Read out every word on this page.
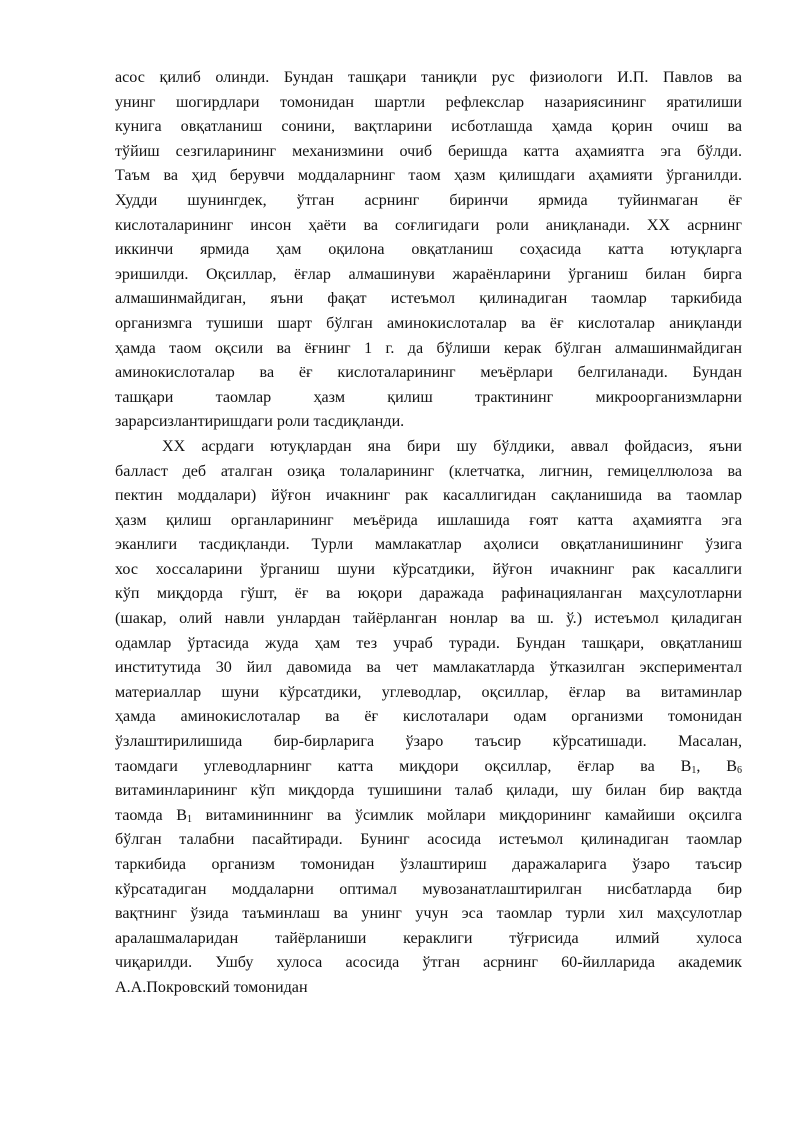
асос қилиб олинди. Бундан ташқари таниқли рус физиологи И.П. Павлов ва
унинг шогирдлари томонидан шартли рефлекслар назариясининг яратилиши
кунига овқатланиш сонини, вақтларини исботлашда ҳамда қорин очиш ва
тўйиш сезгиларининг механизмини очиб беришда катта аҳамиятга эга бўлди.
Таъм ва ҳид берувчи моддаларнинг таом ҳазм қилишдаги аҳамияти ўрганилди.
Худди шунингдек, ўтган асрнинг биринчи ярмида туйинмаган ёғ
кислоталарининг инсон ҳаёти ва соғлигидаги роли аниқланади. XX асрнинг
иккинчи ярмида ҳам оқилона овқатланиш соҳасида катта ютуқларга
эришилди. Оқсиллар, ёғлар алмашинуви жараёнларини ўрганиш билан бирга
алмашинмайдиган, яъни фақат истеъмол қилинадиган таомлар таркибида
организмга тушиши шарт бўлган аминокислоталар ва ёғ кислоталар аниқланди
ҳамда таом оқсили ва ёғнинг 1 г. да бўлиши керак бўлган алмашинмайдиган
аминокислоталар ва ёғ кислоталарининг меъёрлари белгиланади. Бундан
ташқари таомлар ҳазм қилиш трактининг микроорганизмларни
зарарсизлантиришдаги роли тасдиқланди.
XX асрдаги ютуқлардан яна бири шу бўлдики, аввал фойдасиз, яъни
балласт деб аталган озиқа толаларининг (клетчатка, лигнин, гемицеллюлоза ва
пектин моддалари) йўғон ичакнинг рак касаллигидан сақланишида ва таомлар
ҳазм қилиш органларининг меъёрида ишлашида ғоят катта аҳамиятга эга
эканлиги тасдиқланди. Турли мамлакатлар аҳолиси овқатланишининг ўзига
хос хоссаларини ўрганиш шуни кўрсатдики, йўғон ичакнинг рак касаллиги
кўп миқдорда гўшт, ёғ ва юқори даражада рафинацияланган маҳсулотларни
(шакар, олий навли унлардан тайёрланган нонлар ва ш. ў.) истеъмол қиладиган
одамлар ўртасида жуда ҳам тез учраб туради. Бундан ташқари, овқатланиш
институтида 30 йил давомида ва чет мамлакатларда ўтказилган экспериментал
материаллар шуни кўрсатдики, углеводлар, оқсиллар, ёғлар ва витаминлар
ҳамда аминокислоталар ва ёғ кислоталари одам организми томонидан
ўзлаштирилишида бир-бирларига ўзаро таъсир кўрсатишади. Масалан,
таомдаги углеводларнинг катта миқдори оқсиллар, ёғлар ва $B_1$, $B_6$
витаминларининг кўп миқдорда тушишини талаб қилади, шу билан бир вақтда
таомда $B_1$ витамининнинг ва ўсимлик мойлари миқдорининг камайиши оқсилга
бўлган талабни пасайтиради. Бунинг асосида истеъмол қилинадиган таомлар
таркибида организм томонидан ўзлаштириш даражаларига ўзаро таъсир
кўрсатадиган моддаларни оптимал мувозанатлаштирилган нисбатларда бир
вақтнинг ўзида таъминлаш ва унинг учун эса таомлар турли хил маҳсулотлар
аралашмаларидан тайёрланиши кераклиги тўғрисида илмий хулоса
чиқарилди. Ушбу хулоса асосида ўтган асрнинг 60-йилларида академик
А.А.Покровский томонидан
